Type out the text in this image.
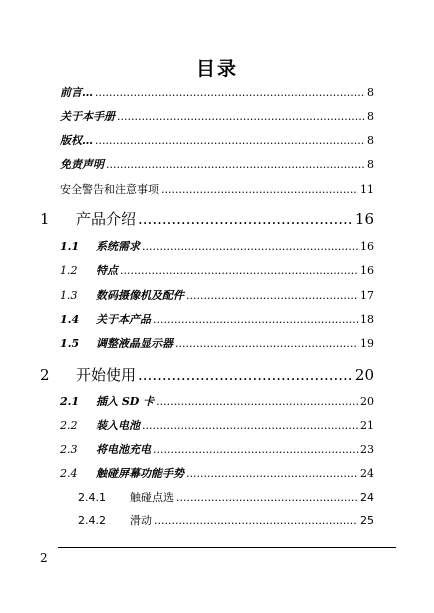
目录
前言… .....	8
关于本手册 .....	8
版权… .....	8
免责声明 .....	8
安全警告和注意事项 .....	11
1	产品介绍 .....	16
1.1	系统需求 .....	16
1.2	特点 .....	16
1.3	数码摄像机及配件 .....	17
1.4	关于本产品 .....	18
1.5	调整液晶显示器 .....	19
2	开始使用 .....	20
2.1	插入 SD 卡 .....	20
2.2	装入电池 .....	21
2.3	将电池充电 .....	23
2.4	触碰屏幕功能手势 .....	24
2.4.1	触碰点选 .....	24
2.4.2	滑动 .....	25
2
